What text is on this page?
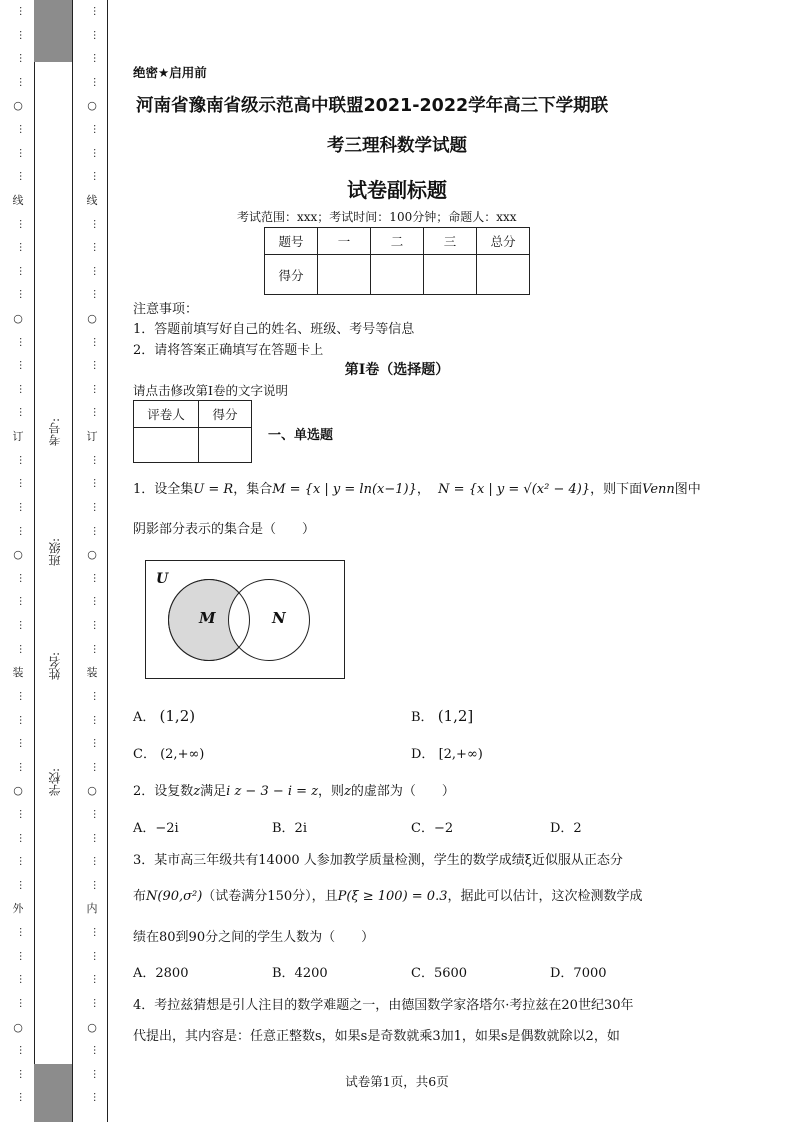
…
…
…
…
○
…
…
…
线
…
…
…
…
○
…
…
…
…
订
…
…
…
…
○
…
…
…
…
装
…
…
…
…
○
…
…
…
…
外
…
…
…
…
○
…
…
…
…
…
…
…
○
…
…
…
线
…
…
…
…
○
…
…
…
…
订
…
…
…
…
○
…
…
…
…
装
…
…
…
…
○
…
…
…
…
内
…
…
…
…
○
…
…
…
考号:
班级:
姓名:
学校:
绝密★启用前
河南省豫南省级示范高中联盟2021-2022学年高三下学期联
考三理科数学试题
试卷副标题
考试范围：xxx；考试时间：100分钟；命题人：xxx
题号	一	二	三	总分
得分				
注意事项：
1．答题前填写好自己的姓名、班级、考号等信息
2．请将答案正确填写在答题卡上
第I卷（选择题）
请点击修改第I卷的文字说明
评卷人	得分

一、单选题
1．设全集U = R，集合M = {x | y = ln(x−1)}， N = {x | y = √(x² − 4)}，则下面Venn图中
阴影部分表示的集合是（　　）
U
M	N
A． (1,2)	B． (1,2]
C． (2,+∞)	D． [2,+∞)
2．设复数z满足i z − 3 − i = z，则z的虚部为（　　）
A．−2i	B．2i	C．−2	D．2
3．某市高三年级共有14000 人参加教学质量检测，学生的数学成绩ξ近似服从正态分
布N(90,σ²)（试卷满分150分），且P(ξ ≥ 100) = 0.3，据此可以估计，这次检测数学成
绩在80到90分之间的学生人数为（　　）
A．2800	B．4200	C．5600	D．7000
4．考拉兹猜想是引人注目的数学难题之一，由德国数学家洛塔尔·考拉兹在20世纪30年
代提出，其内容是：任意正整数s，如果s是奇数就乘3加1，如果s是偶数就除以2，如
试卷第1页，共6页
